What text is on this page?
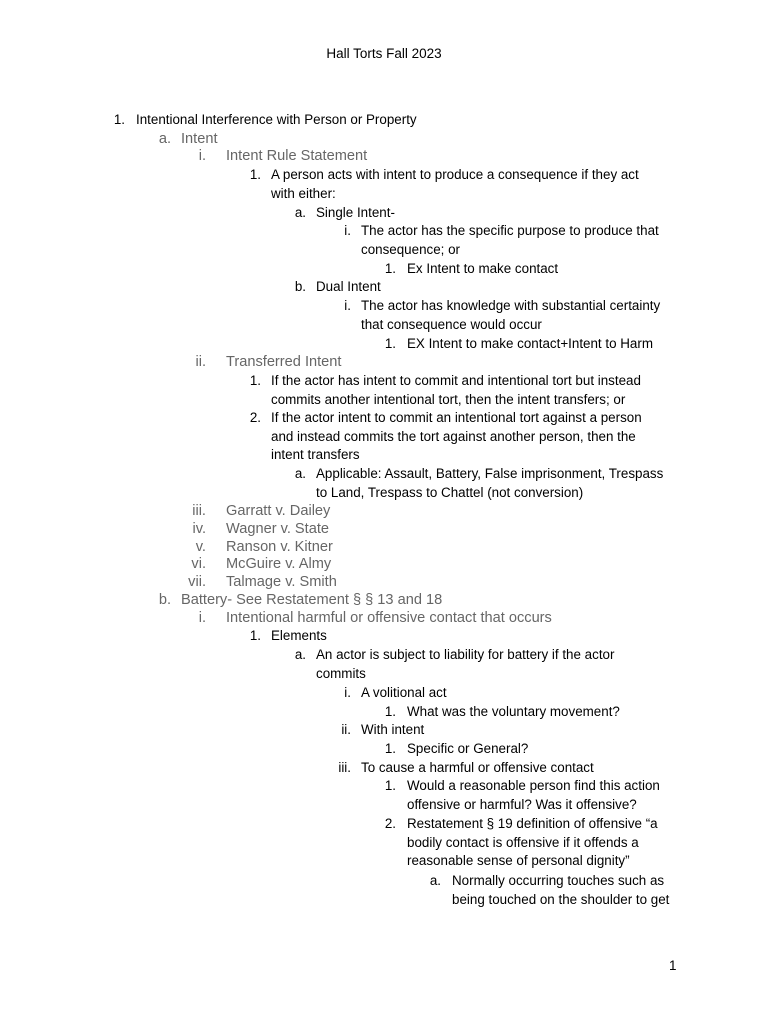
Hall Torts Fall 2023
1. Intentional Interference with Person or Property
a. Intent
i. Intent Rule Statement
1. A person acts with intent to produce a consequence if they act
with either:
a. Single Intent-
i. The actor has the specific purpose to produce that
consequence; or
1. Ex Intent to make contact
b. Dual Intent
i. The actor has knowledge with substantial certainty
that consequence would occur
1. EX Intent to make contact+Intent to Harm
ii. Transferred Intent
1. If the actor has intent to commit and intentional tort but instead
commits another intentional tort, then the intent transfers; or
2. If the actor intent to commit an intentional tort against a person
and instead commits the tort against another person, then the
intent transfers
a. Applicable: Assault, Battery, False imprisonment, Trespass
to Land, Trespass to Chattel (not conversion)
iii. Garratt v. Dailey
iv. Wagner v. State
v. Ranson v. Kitner
vi. McGuire v. Almy
vii. Talmage v. Smith
b. Battery- See Restatement § § 13 and 18
i. Intentional harmful or offensive contact that occurs
1. Elements
a. An actor is subject to liability for battery if the actor
commits
i. A volitional act
1. What was the voluntary movement?
ii. With intent
1. Specific or General?
iii. To cause a harmful or offensive contact
1. Would a reasonable person find this action
offensive or harmful? Was it offensive?
2. Restatement § 19 definition of offensive “a
bodily contact is offensive if it offends a
reasonable sense of personal dignity”
a. Normally occurring touches such as
being touched on the shoulder to get
1
